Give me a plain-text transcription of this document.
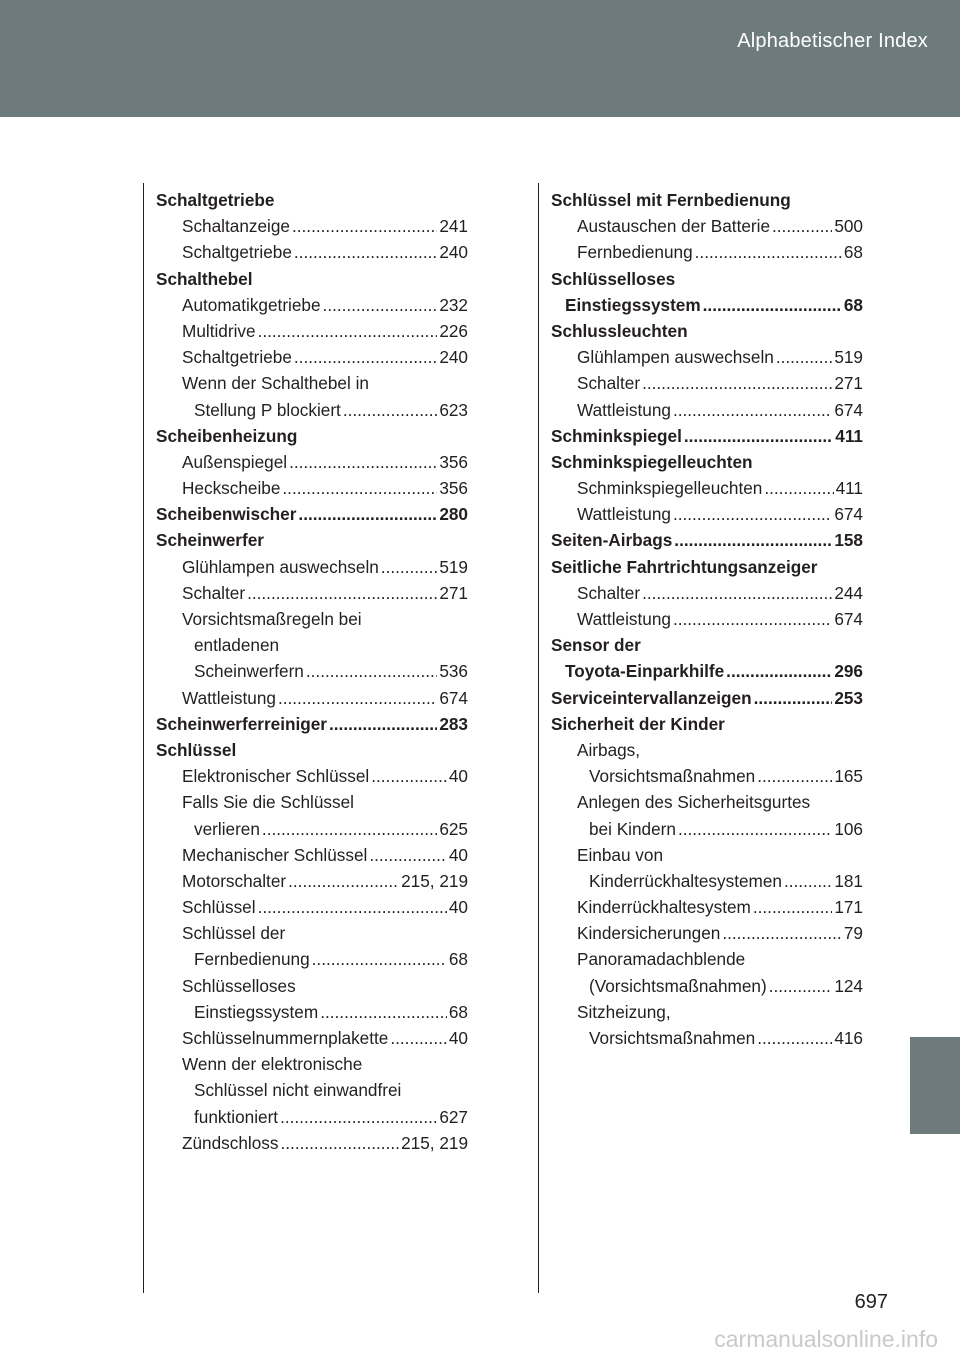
Alphabetischer Index
Schaltgetriebe
Schaltanzeige .....	241
Schaltgetriebe .....	240
Schalthebel
Automatikgetriebe .....	232
Multidrive .....	226
Schaltgetriebe .....	240
Wenn der Schalthebel in
Stellung P blockiert .....	623
Scheibenheizung
Außenspiegel .....	356
Heckscheibe .....	356
Scheibenwischer .....	280
Scheinwerfer
Glühlampen auswechseln .....	519
Schalter .....	271
Vorsichtsmaßregeln bei
entladenen
Scheinwerfern .....	536
Wattleistung .....	674
Scheinwerferreiniger .....	283
Schlüssel
Elektronischer Schlüssel .....	40
Falls Sie die Schlüssel
verlieren .....	625
Mechanischer Schlüssel .....	40
Motorschalter .....	215, 219
Schlüssel .....	40
Schlüssel der
Fernbedienung .....	68
Schlüsselloses
Einstiegssystem .....	68
Schlüsselnummernplakette .....	40
Wenn der elektronische
Schlüssel nicht einwandfrei
funktioniert .....	627
Zündschloss .....	215, 219
Schlüssel mit Fernbedienung
Austauschen der Batterie .....	500
Fernbedienung .....	68
Schlüsselloses
Einstiegssystem .....	68
Schlussleuchten
Glühlampen auswechseln .....	519
Schalter .....	271
Wattleistung .....	674
Schminkspiegel .....	411
Schminkspiegelleuchten
Schminkspiegelleuchten .....	411
Wattleistung .....	674
Seiten-Airbags .....	158
Seitliche Fahrtrichtungsanzeiger
Schalter .....	244
Wattleistung .....	674
Sensor der
Toyota-Einparkhilfe .....	296
Serviceintervallanzeigen .....	253
Sicherheit der Kinder
Airbags,
Vorsichtsmaßnahmen .....	165
Anlegen des Sicherheitsgurtes
bei Kindern .....	106
Einbau von
Kinderrückhaltesystemen .....	181
Kinderrückhaltesystem .....	171
Kindersicherungen .....	79
Panoramadachblende
(Vorsichtsmaßnahmen) .....	124
Sitzheizung,
Vorsichtsmaßnahmen .....	416
697
carmanualsonline.info
